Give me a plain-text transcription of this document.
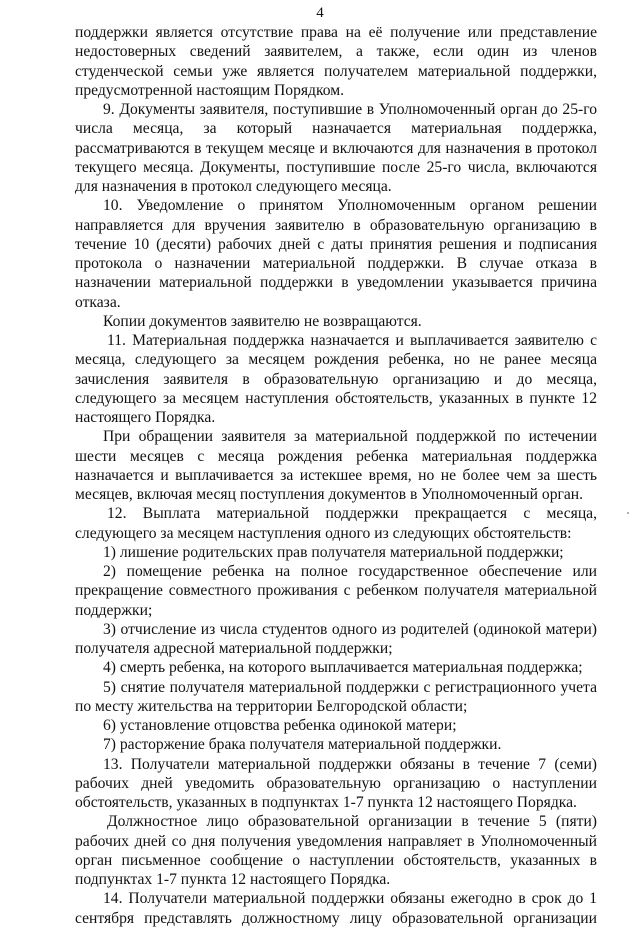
4

поддержки является отсутствие права на её получение или представление недостоверных сведений заявителем, а также, если один из членов студенческой семьи уже является получателем материальной поддержки, предусмотренной настоящим Порядком.

9. Документы заявителя, поступившие в Уполномоченный орган до 25-го числа месяца, за который назначается материальная поддержка, рассматриваются в текущем месяце и включаются для назначения в протокол текущего месяца. Документы, поступившие после 25-го числа, включаются для назначения в протокол следующего месяца.

10. Уведомление о принятом Уполномоченным органом решении направляется для вручения заявителю в образовательную организацию в течение 10 (десяти) рабочих дней с даты принятия решения и подписания протокола о назначении материальной поддержки. В случае отказа в назначении материальной поддержки в уведомлении указывается причина отказа.

Копии документов заявителю не возвращаются.

11. Материальная поддержка назначается и выплачивается заявителю с месяца, следующего за месяцем рождения ребенка, но не ранее месяца зачисления заявителя в образовательную организацию и до месяца, следующего за месяцем наступления обстоятельств, указанных в пункте 12 настоящего Порядка.

При обращении заявителя за материальной поддержкой по истечении шести месяцев с месяца рождения ребенка материальная поддержка назначается и выплачивается за истекшее время, но не более чем за шесть месяцев, включая месяц поступления документов в Уполномоченный орган.

12. Выплата материальной поддержки прекращается с месяца, следующего за месяцем наступления одного из следующих обстоятельств:

1) лишение родительских прав получателя материальной поддержки;

2) помещение ребенка на полное государственное обеспечение или прекращение совместного проживания с ребенком получателя материальной поддержки;

3) отчисление из числа студентов одного из родителей (одинокой матери) получателя адресной материальной поддержки;

4) смерть ребенка, на которого выплачивается материальная поддержка;

5) снятие получателя материальной поддержки с регистрационного учета по месту жительства на территории Белгородской области;

6) установление отцовства ребенка одинокой матери;

7) расторжение брака получателя материальной поддержки.

13. Получатели материальной поддержки обязаны в течение 7 (семи) рабочих дней уведомить образовательную организацию о наступлении обстоятельств, указанных в подпунктах 1-7 пункта 12 настоящего Порядка.

Должностное лицо образовательной организации в течение 5 (пяти) рабочих дней со дня получения уведомления направляет в Уполномоченный орган письменное сообщение о наступлении обстоятельств, указанных в подпунктах 1-7 пункта 12 настоящего Порядка.

14. Получатели материальной поддержки обязаны ежегодно в срок до 1 сентября представлять должностному лицу образовательной организации
